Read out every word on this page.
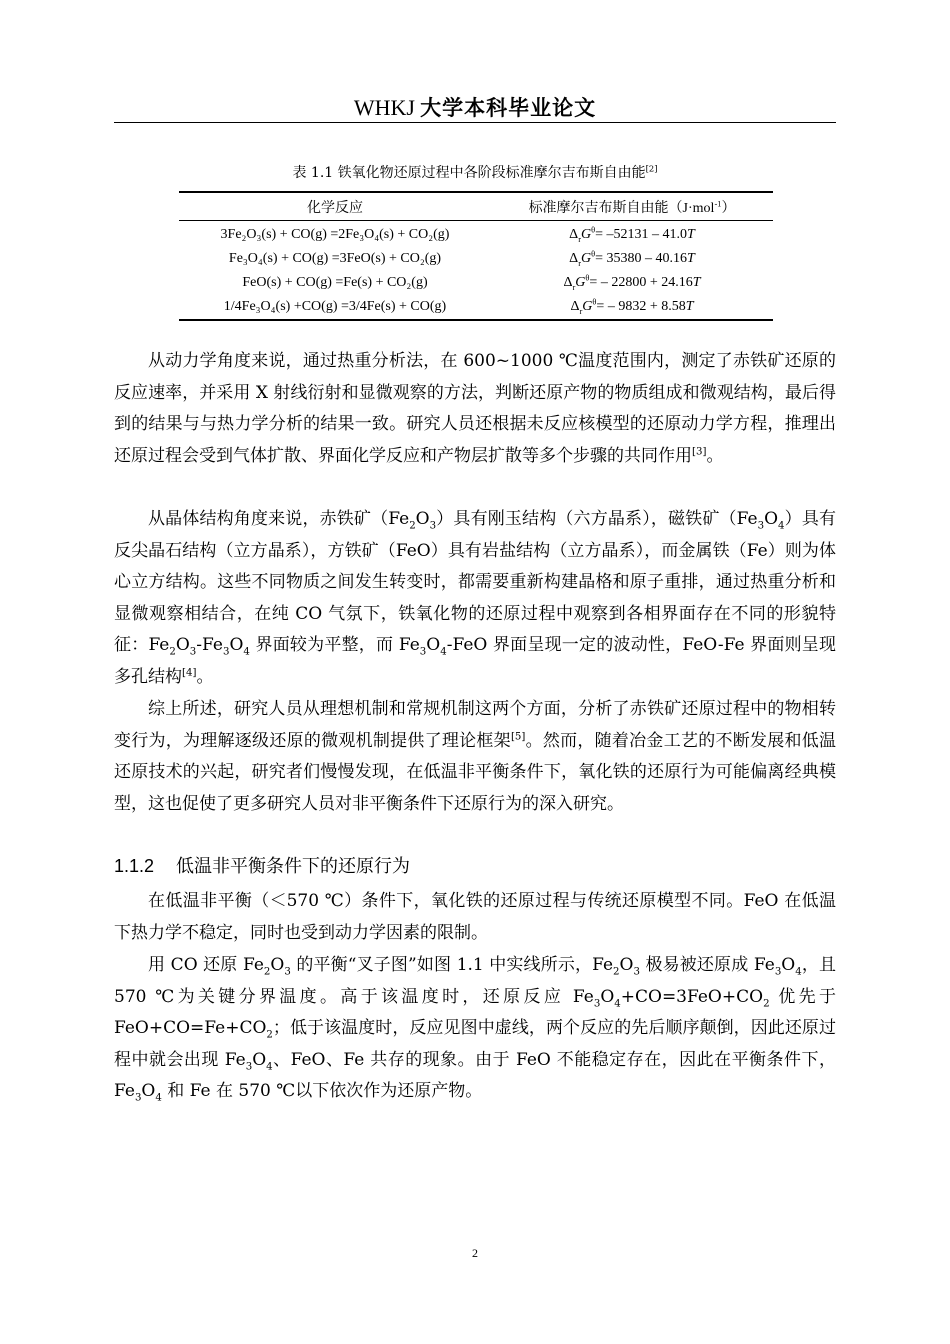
WHKJ 大学本科毕业论文
表 1.1 铁氧化物还原过程中各阶段标准摩尔吉布斯自由能[2]
化学反应	标准摩尔吉布斯自由能（J·mol$^{-1}$）
3Fe₂O₃(s) + CO(g) =2Fe₃O₄(s) + CO₂(g)	$\Delta_rG^\theta= -52131 - 41.0T$
Fe₃O₄(s) + CO(g) =3FeO(s) + CO₂(g)	$\Delta_rG^\theta= 35380 - 40.16T$
FeO(s) + CO(g) =Fe(s) + CO₂(g)	$\Delta_rG^\theta= - 22800 + 24.16T$
1/4Fe₃O₄(s) +CO(g) =3/4Fe(s) + CO(g)	$\Delta_rG^\theta= - 9832 + 8.58T$

从动力学角度来说，通过热重分析法，在 600~1000 ℃温度范围内，测定了赤铁矿还原的反应速率，并采用 X 射线衍射和显微观察的方法，判断还原产物的物质组成和微观结构，最后得到的结果与与热力学分析的结果一致。研究人员还根据未反应核模型的还原动力学方程，推理出还原过程会受到气体扩散、界面化学反应和产物层扩散等多个步骤的共同作用[3]。

从晶体结构角度来说，赤铁矿$(Fe_2O_3)$具有刚玉结构（六方晶系），磁铁矿$(Fe_3O_4)$具有反尖晶石结构（立方晶系），方铁矿（FeO）具有岩盐结构（立方晶系），而金属铁（Fe）则为体心立方结构。这些不同物质之间发生转变时，都需要重新构建晶格和原子重排，通过热重分析和显微观察相结合，在纯 CO 气氛下，铁氧化物的还原过程中观察到各相界面存在不同的形貌特征：$Fe_2O_3-Fe_3O_4$ 界面较为平整，而 $Fe_3O_4$-FeO 界面呈现一定的波动性，FeO-Fe 界面则呈现多孔结构[4]。

综上所述，研究人员从理想机制和常规机制这两个方面，分析了赤铁矿还原过程中的物相转变行为，为理解逐级还原的微观机制提供了理论框架[5]。然而，随着冶金工艺的不断发展和低温还原技术的兴起，研究者们慢慢发现，在低温非平衡条件下，氧化铁的还原行为可能偏离经典模型，这也促使了更多研究人员对非平衡条件下还原行为的深入研究。

1.1.2 低温非平衡条件下的还原行为

在低温非平衡（＜570 ℃）条件下，氧化铁的还原过程与传统还原模型不同。FeO 在低温下热力学不稳定，同时也受到动力学因素的限制。

用 CO 还原 $Fe_2O_3$ 的平衡“叉子图”如图 1.1 中实线所示，$Fe_2O_3$ 极易被还原成 $Fe_3O_4$，且 570 ℃为关键分界温度。高于该温度时，还原反应 $Fe_3O_4+CO=3FeO+CO_2$ 优先于 $FeO+CO=Fe+CO_2$；低于该温度时，反应见图中虚线，两个反应的先后顺序颠倒，因此还原过程中就会出现 $Fe_3O_4$、FeO、Fe 共存的现象。由于 FeO 不能稳定存在，因此在平衡条件下，$Fe_3O_4$ 和 Fe 在 570 ℃以下依次作为还原产物。

2
